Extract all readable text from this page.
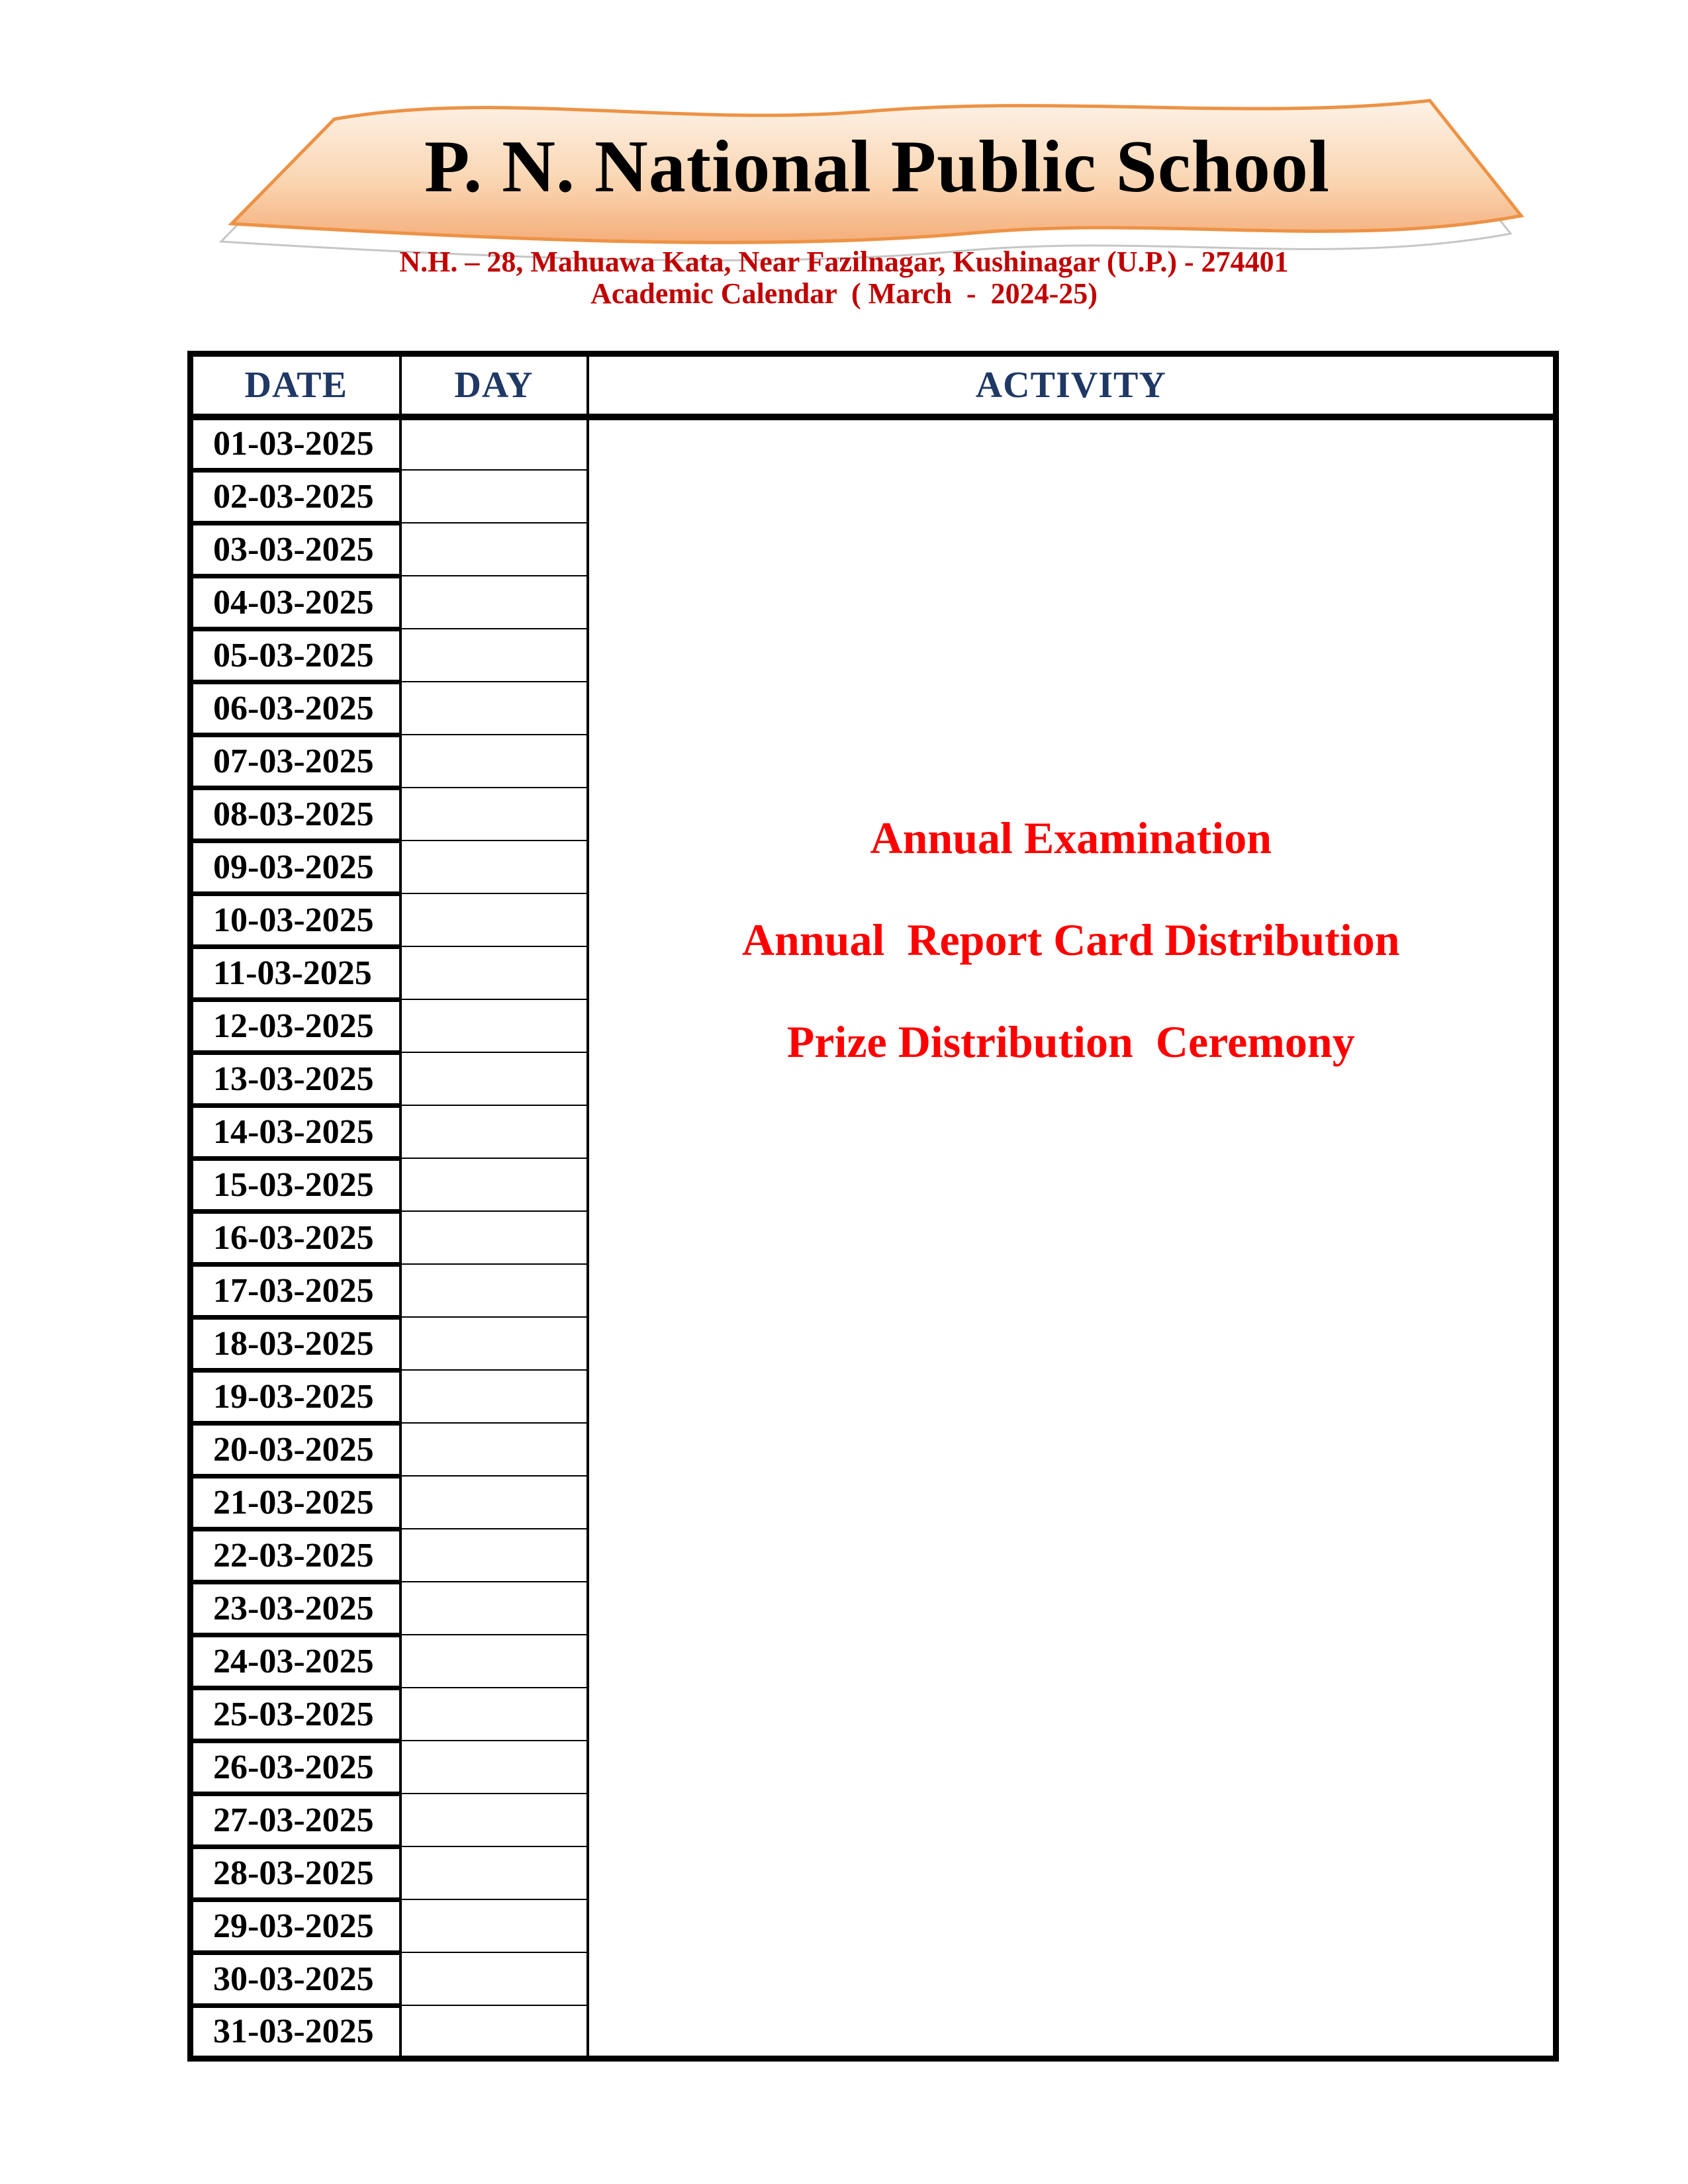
P. N. National Public School
N.H. – 28, Mahuawa Kata, Near Fazilnagar, Kushinagar (U.P.) - 274401
Academic Calendar  ( March  -  2024-25)
DATE	DAY	ACTIVITY
01-03-2025		Annual Examination
Annual  Report Card Distribution
Prize Distribution  Ceremony

02-03-2025		
03-03-2025		
04-03-2025		
05-03-2025		
06-03-2025		
07-03-2025		
08-03-2025		
09-03-2025		
10-03-2025		
11-03-2025		
12-03-2025		
13-03-2025		
14-03-2025		
15-03-2025		
16-03-2025		
17-03-2025		
18-03-2025		
19-03-2025		
20-03-2025		
21-03-2025		
22-03-2025		
23-03-2025		
24-03-2025		
25-03-2025		
26-03-2025		
27-03-2025		
28-03-2025		
29-03-2025		
30-03-2025		
31-03-2025		
